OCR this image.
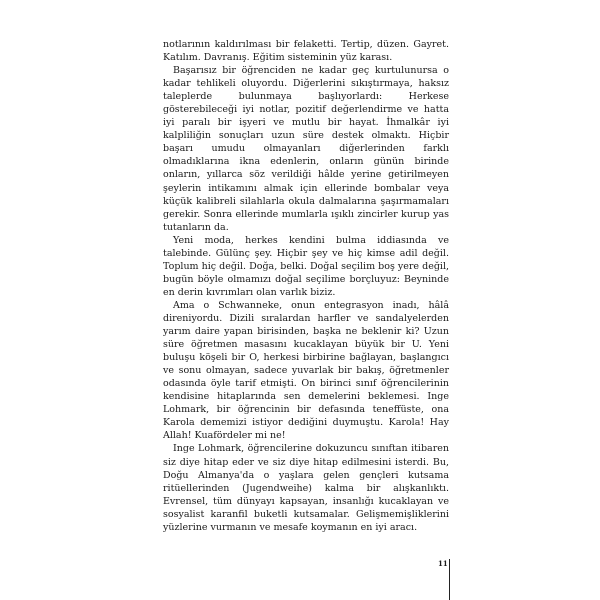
notlarının kaldırılması bir felaketti. Tertip, düzen. Gayret. Katılım. Davranış. Eğitim sisteminin yüz karası.

Başarısız bir öğrenciden ne kadar geç kurtulunursa o kadar tehlikeli oluyordu. Diğerlerini sıkıştırmaya, haksız taleplerde bulunmaya başlıyorlardı: Herkese gösterebileceği iyi notlar, pozitif değerlendirme ve hatta iyi paralı bir işyeri ve mutlu bir hayat. İhmalkâr iyi kalpliliğin sonuçları uzun süre destek olmaktı. Hiçbir başarı umudu olmayanları diğerlerinden farklı olmadıklarına ikna edenlerin, onların günün birinde onların, yıllarca söz verildiği hâlde yerine getirilmeyen şeylerin intikamını almak için ellerinde bombalar veya küçük kalibreli silahlarla okula dalmalarına şaşırmamaları gerekir. Sonra ellerinde mumlarla ışıklı zincirler kurup yas tutanların da.

Yeni moda, herkes kendini bulma iddiasında ve talebinde. Gülünç şey. Hiçbir şey ve hiç kimse adil değil. Toplum hiç değil. Doğa, belki. Doğal seçilim boş yere değil, bugün böyle olmamızı doğal seçilime borçluyuz: Beyninde en derin kıvrımları olan varlık biziz.

Ama o Schwanneke, onun entegrasyon inadı, hâlâ direniyordu. Dizili sıralardan harfler ve sandalyelerden yarım daire yapan birisinden, başka ne beklenir ki? Uzun süre öğretmen masasını kucaklayan büyük bir U. Yeni buluşu köşeli bir O, herkesi birbirine bağlayan, başlangıcı ve sonu olmayan, sadece yuvarlak bir bakış, öğretmenler odasında öyle tarif etmişti. On birinci sınıf öğrencilerinin kendisine hitaplarında sen demelerini beklemesi. Inge Lohmark, bir öğrencinin bir defasında teneffüste, ona Karola dememizi istiyor dediğini duymuştu. Karola! Hay Allah! Kuafördeler mi ne!

Inge Lohmark, öğrencilerine dokuzuncu sınıftan itibaren siz diye hitap eder ve siz diye hitap edilmesini isterdi. Bu, Doğu Almanya'da o yaşlara gelen gençleri kutsama ritüellerinden (Jugendweihe) kalma bir alışkanlıktı. Evrensel, tüm dünyayı kapsayan, insanlığı kucaklayan ve sosyalist karanfil buketli kutsamalar. Gelişmemişliklerini yüzlerine vurmanın ve mesafe koymanın en iyi aracı.

11
